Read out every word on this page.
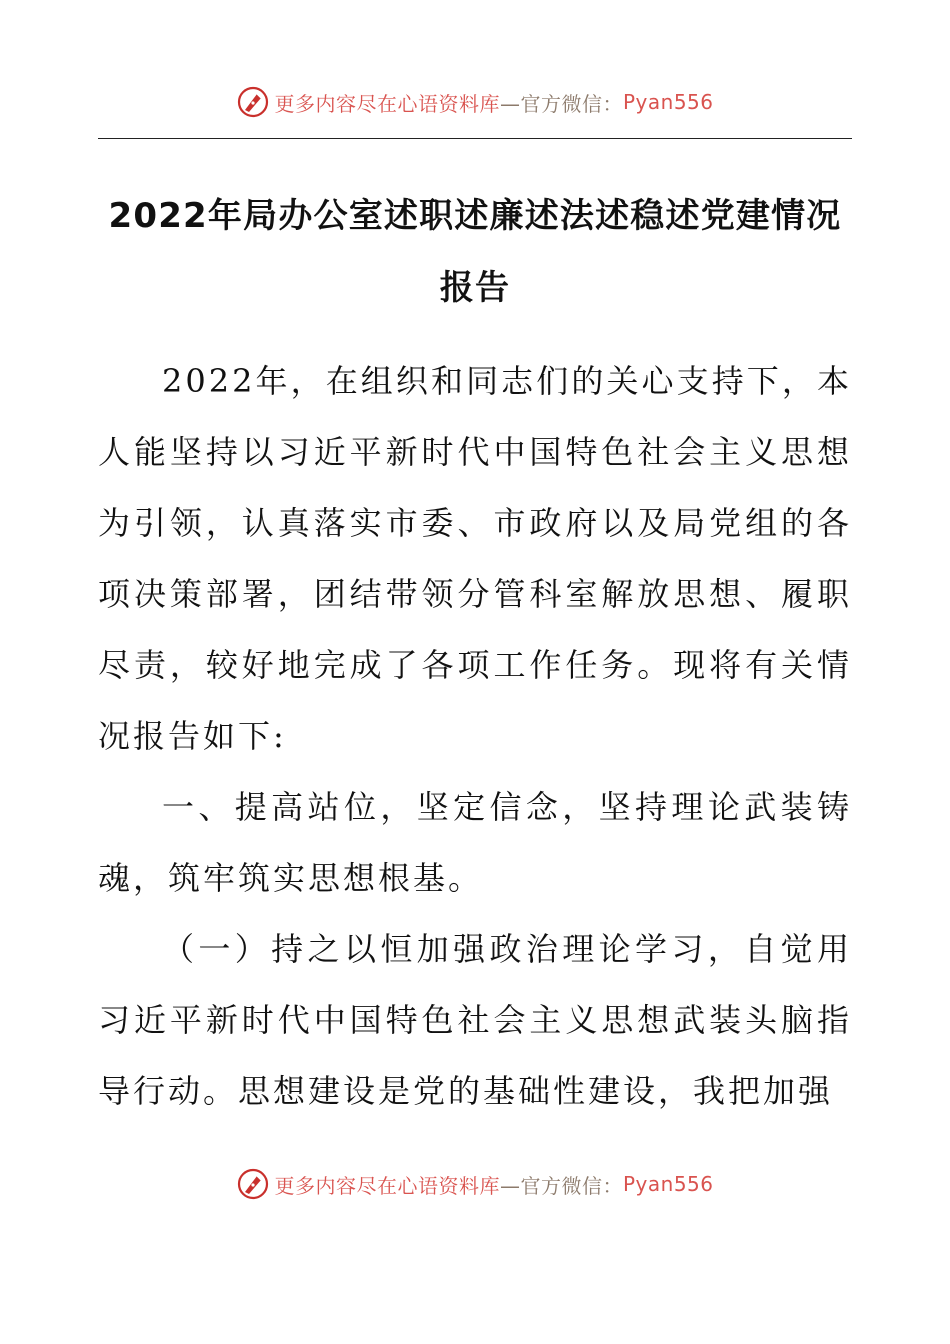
更多内容尽在心语资料库 —官方微信： Pyan556
2022年局办公室述职述廉述法述稳述党建情况报告

2022年，在组织和同志们的关心支持下，本人能坚持以习近平新时代中国特色社会主义思想为引领，认真落实市委、市政府以及局党组的各项决策部署，团结带领分管科室解放思想、履职尽责，较好地完成了各项工作任务。现将有关情况报告如下:

一、提高站位，坚定信念，坚持理论武装铸魂，筑牢筑实思想根基。

（一）持之以恒加强政治理论学习，自觉用习近平新时代中国特色社会主义思想武装头脑指导行动。思想建设是党的基础性建设，我把加强

更多内容尽在心语资料库 —官方微信： Pyan556
